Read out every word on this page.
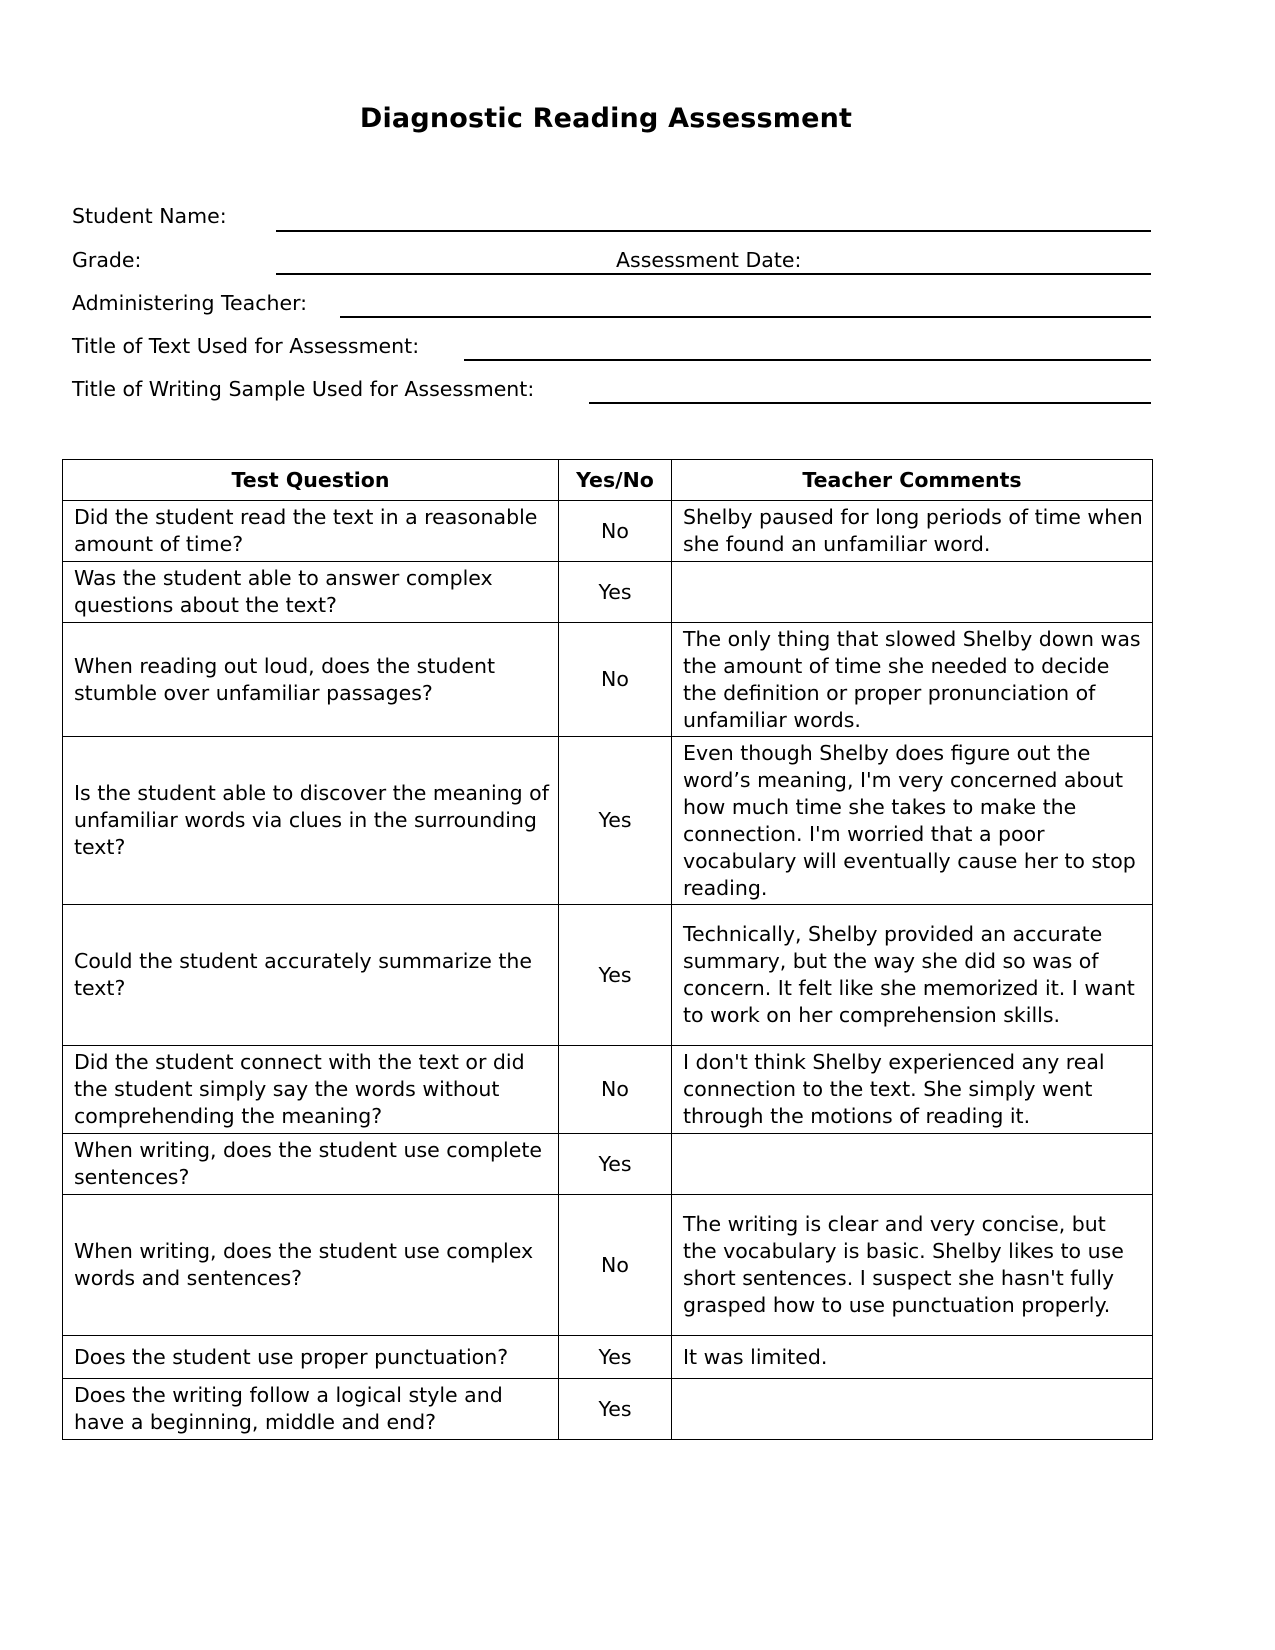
Diagnostic Reading Assessment
Student Name:
Grade:	Assessment Date:
Administering Teacher:
Title of Text Used for Assessment:
Title of Writing Sample Used for Assessment:
Test Question	Yes/No	Teacher Comments
Did the student read the text in a reasonable amount of time?	No	Shelby paused for long periods of time when she found an unfamiliar word.
Was the student able to answer complex questions about the text?	Yes	
When reading out loud, does the student stumble over unfamiliar passages?	No	The only thing that slowed Shelby down was the amount of time she needed to decide the definition or proper pronunciation of unfamiliar words.
Is the student able to discover the meaning of unfamiliar words via clues in the surrounding text?	Yes	Even though Shelby does figure out the word’s meaning, I'm very concerned about how much time she takes to make the connection. I'm worried that a poor vocabulary will eventually cause her to stop reading.
Could the student accurately summarize the text?	Yes	Technically, Shelby provided an accurate summary, but the way she did so was of concern. It felt like she memorized it. I want to work on her comprehension skills.
Did the student connect with the text or did the student simply say the words without comprehending the meaning?	No	I don't think Shelby experienced any real connection to the text. She simply went through the motions of reading it.
When writing, does the student use complete sentences?	Yes	
When writing, does the student use complex words and sentences?	No	The writing is clear and very concise, but the vocabulary is basic. Shelby likes to use short sentences. I suspect she hasn't fully grasped how to use punctuation properly.
Does the student use proper punctuation?	Yes	It was limited.
Does the writing follow a logical style and have a beginning, middle and end?	Yes	
